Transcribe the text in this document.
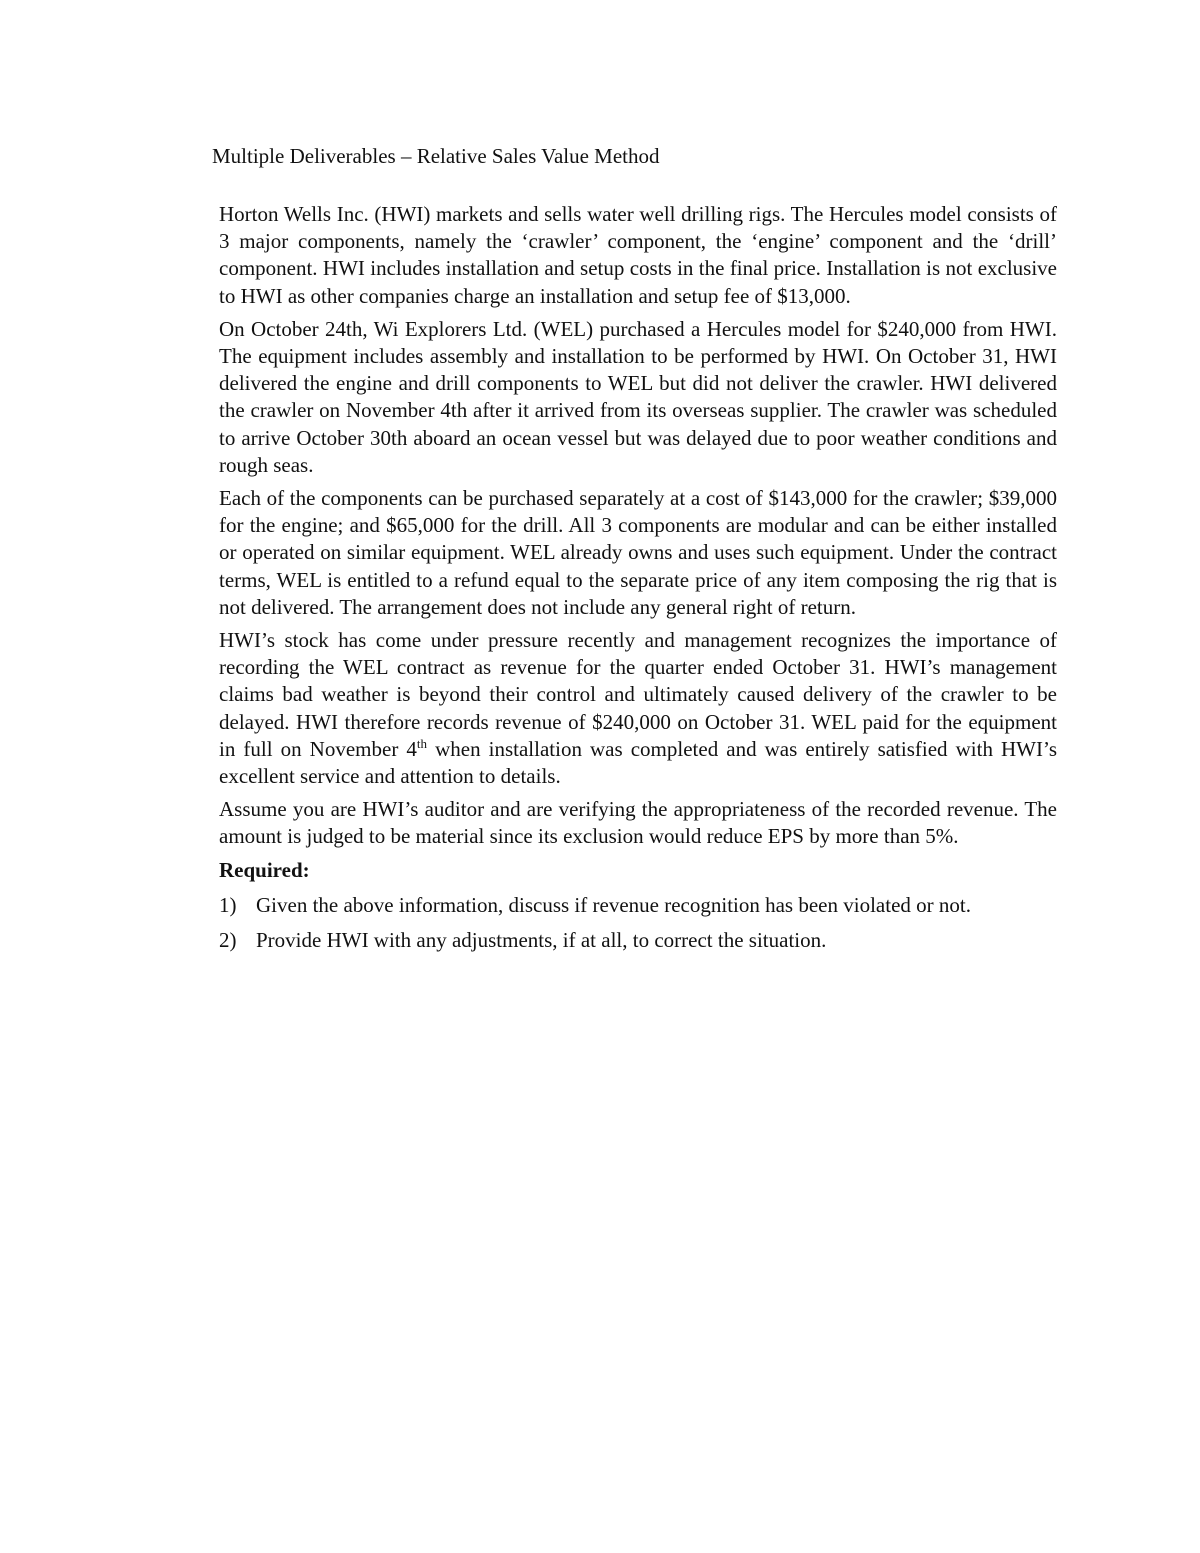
Multiple Deliverables – Relative Sales Value Method

Horton Wells Inc. (HWI) markets and sells water well drilling rigs. The Hercules model consists of 3 major components, namely the ‘crawler’ component, the ‘engine’ component and the ‘drill’ component. HWI includes installation and setup costs in the final price. Installation is not exclusive to HWI as other companies charge an installation and setup fee of $13,000.

On October 24th, Wi Explorers Ltd. (WEL) purchased a Hercules model for $240,000 from HWI. The equipment includes assembly and installation to be performed by HWI. On October 31, HWI delivered the engine and drill components to WEL but did not deliver the crawler. HWI delivered the crawler on November 4th after it arrived from its overseas supplier. The crawler was scheduled to arrive October 30th aboard an ocean vessel but was delayed due to poor weather conditions and rough seas.

Each of the components can be purchased separately at a cost of $143,000 for the crawler; $39,000 for the engine; and $65,000 for the drill. All 3 components are modular and can be either installed or operated on similar equipment. WEL already owns and uses such equipment. Under the contract terms, WEL is entitled to a refund equal to the separate price of any item composing the rig that is not delivered. The arrangement does not include any general right of return.

HWI’s stock has come under pressure recently and management recognizes the importance of recording the WEL contract as revenue for the quarter ended October 31. HWI’s management claims bad weather is beyond their control and ultimately caused delivery of the crawler to be delayed. HWI therefore records revenue of $240,000 on October 31. WEL paid for the equipment in full on November 4th when installation was completed and was entirely satisfied with HWI’s excellent service and attention to details.

Assume you are HWI’s auditor and are verifying the appropriateness of the recorded revenue. The amount is judged to be material since its exclusion would reduce EPS by more than 5%.

Required:
1) Given the above information, discuss if revenue recognition has been violated or not.
2) Provide HWI with any adjustments, if at all, to correct the situation.
